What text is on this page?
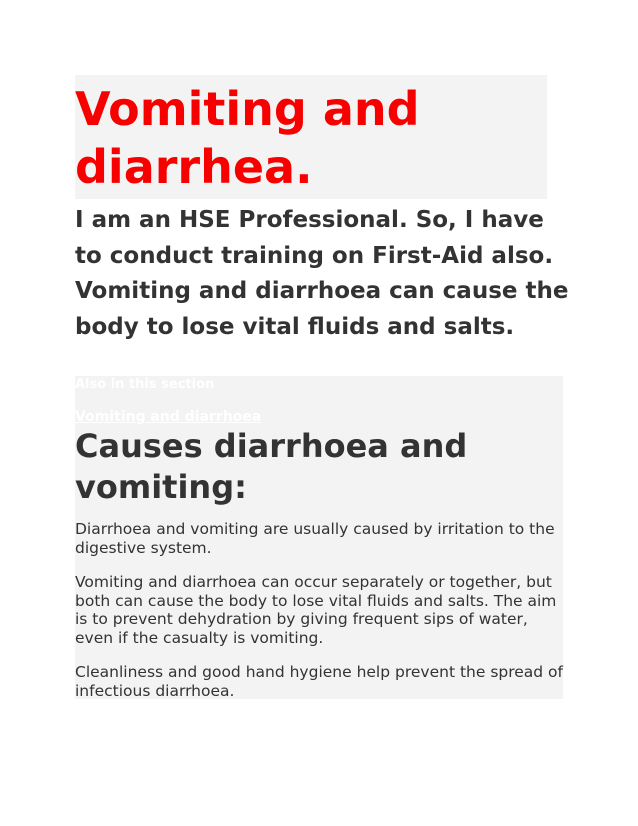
Vomiting and diarrhea.

I am an HSE Professional. So, I have to conduct training on First-Aid also. Vomiting and diarrhoea can cause the body to lose vital fluids and salts.

Also in this section
Vomiting and diarrhoea
Causes diarrhoea and vomiting:

Diarrhoea and vomiting are usually caused by irritation to the digestive system.

Vomiting and diarrhoea can occur separately or together, but both can cause the body to lose vital fluids and salts. The aim is to prevent dehydration by giving frequent sips of water, even if the casualty is vomiting.

Cleanliness and good hand hygiene help prevent the spread of infectious diarrhoea.
